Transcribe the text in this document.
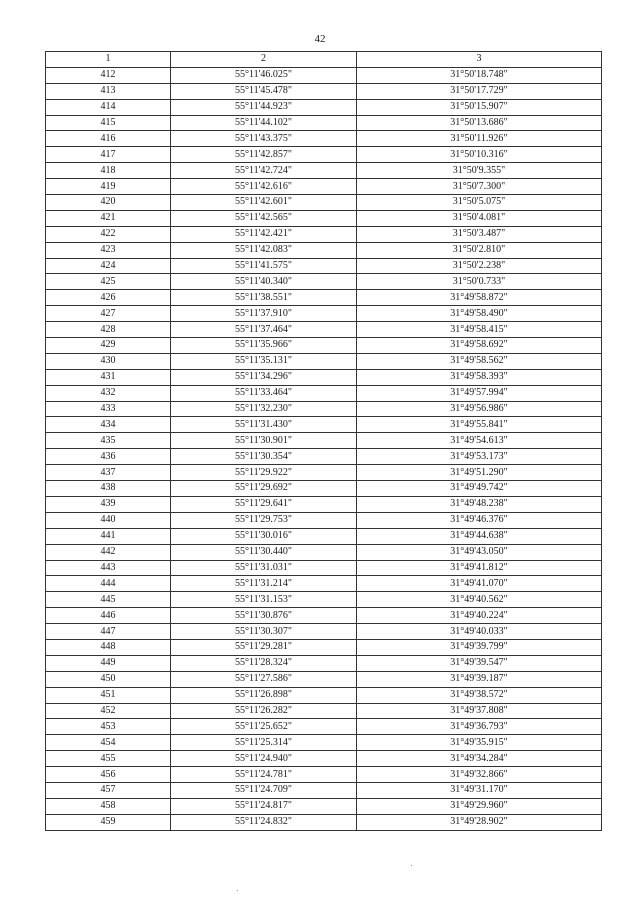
42
1	2	3
412	55°11'46.025"	31°50'18.748"
413	55°11'45.478"	31°50'17.729"
414	55°11'44.923"	31°50'15.907"
415	55°11'44.102"	31°50'13.686"
416	55°11'43.375"	31°50'11.926"
417	55°11'42.857"	31°50'10.316"
418	55°11'42.724"	31°50'9.355"
419	55°11'42.616"	31°50'7.300"
420	55°11'42.601"	31°50'5.075"
421	55°11'42.565"	31°50'4.081"
422	55°11'42.421"	31°50'3.487"
423	55°11'42.083"	31°50'2.810"
424	55°11'41.575"	31°50'2.238"
425	55°11'40.340"	31°50'0.733"
426	55°11'38.551"	31°49'58.872"
427	55°11'37.910"	31°49'58.490"
428	55°11'37.464"	31°49'58.415"
429	55°11'35.966"	31°49'58.692"
430	55°11'35.131"	31°49'58.562"
431	55°11'34.296"	31°49'58.393"
432	55°11'33.464"	31°49'57.994"
433	55°11'32.230"	31°49'56.986"
434	55°11'31.430"	31°49'55.841"
435	55°11'30.901"	31°49'54.613"
436	55°11'30.354"	31°49'53.173"
437	55°11'29.922"	31°49'51.290"
438	55°11'29.692"	31°49'49.742"
439	55°11'29.641"	31°49'48.238"
440	55°11'29.753"	31°49'46.376"
441	55°11'30.016"	31°49'44.638"
442	55°11'30.440"	31°49'43.050"
443	55°11'31.031"	31°49'41.812"
444	55°11'31.214"	31°49'41.070"
445	55°11'31.153"	31°49'40.562"
446	55°11'30.876"	31°49'40.224"
447	55°11'30.307"	31°49'40.033"
448	55°11'29.281"	31°49'39.799"
449	55°11'28.324"	31°49'39.547"
450	55°11'27.586"	31°49'39.187"
451	55°11'26.898"	31°49'38.572"
452	55°11'26.282"	31°49'37.808"
453	55°11'25.652"	31°49'36.793"
454	55°11'25.314"	31°49'35.915"
455	55°11'24.940"	31°49'34.284"
456	55°11'24.781"	31°49'32.866"
457	55°11'24.709"	31°49'31.170"
458	55°11'24.817"	31°49'29.960"
459	55°11'24.832"	31°49'28.902"
